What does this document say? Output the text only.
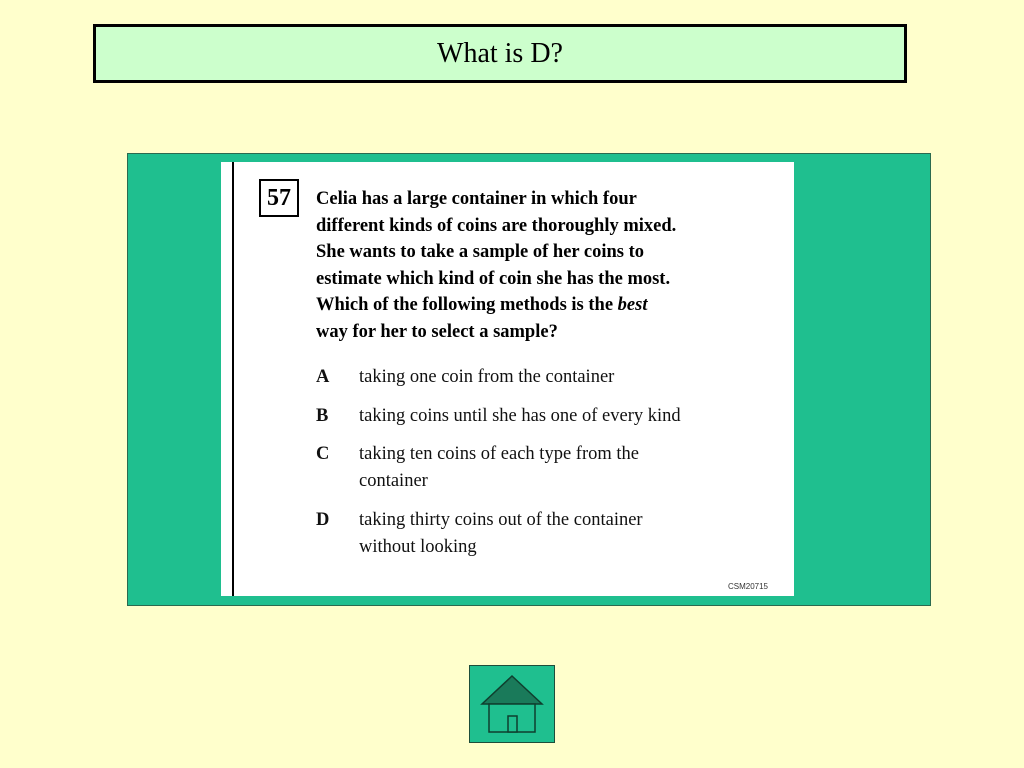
What is D?
57 Celia has a large container in which four
different kinds of coins are thoroughly mixed.
She wants to take a sample of her coins to
estimate which kind of coin she has the most.
Which of the following methods is the best
way for her to select a sample?
A taking one coin from the container
B taking coins until she has one of every kind
C taking ten coins of each type from the
container
D taking thirty coins out of the container
without looking
CSM20715
